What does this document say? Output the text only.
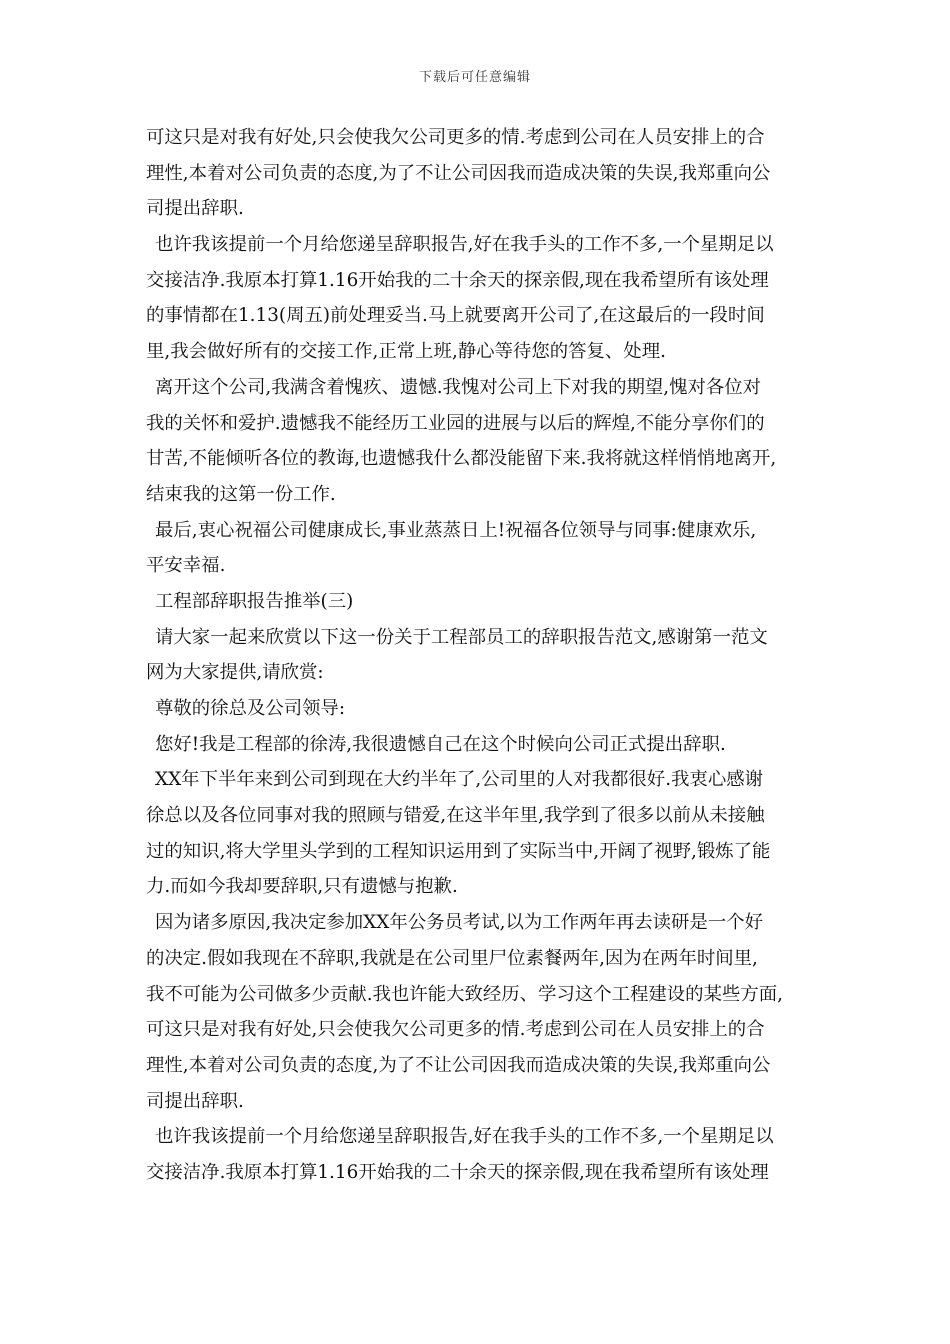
下载后可任意编辑
可这只是对我有好处,只会使我欠公司更多的情.考虑到公司在人员安排上的合
理性,本着对公司负责的态度,为了不让公司因我而造成决策的失误,我郑重向公
司提出辞职.
也许我该提前一个月给您递呈辞职报告,好在我手头的工作不多,一个星期足以
交接洁净.我原本打算1.16开始我的二十余天的探亲假,现在我希望所有该处理
的事情都在1.13(周五)前处理妥当.马上就要离开公司了,在这最后的一段时间
里,我会做好所有的交接工作,正常上班,静心等待您的答复、处理.
离开这个公司,我满含着愧疚、遗憾.我愧对公司上下对我的期望,愧对各位对
我的关怀和爱护.遗憾我不能经历工业园的进展与以后的辉煌,不能分享你们的
甘苦,不能倾听各位的教诲,也遗憾我什么都没能留下来.我将就这样悄悄地离开,
结束我的这第一份工作.
最后,衷心祝福公司健康成长,事业蒸蒸日上!祝福各位领导与同事:健康欢乐,
平安幸福.
工程部辞职报告推举(三)
请大家一起来欣赏以下这一份关于工程部员工的辞职报告范文,感谢第一范文
网为大家提供,请欣赏:
尊敬的徐总及公司领导:
您好!我是工程部的徐涛,我很遗憾自己在这个时候向公司正式提出辞职.
XX年下半年来到公司到现在大约半年了,公司里的人对我都很好.我衷心感谢
徐总以及各位同事对我的照顾与错爱,在这半年里,我学到了很多以前从未接触
过的知识,将大学里头学到的工程知识运用到了实际当中,开阔了视野,锻炼了能
力.而如今我却要辞职,只有遗憾与抱歉.
因为诸多原因,我决定参加XX年公务员考试,以为工作两年再去读研是一个好
的决定.假如我现在不辞职,我就是在公司里尸位素餐两年,因为在两年时间里,
我不可能为公司做多少贡献.我也许能大致经历、学习这个工程建设的某些方面,
可这只是对我有好处,只会使我欠公司更多的情.考虑到公司在人员安排上的合
理性,本着对公司负责的态度,为了不让公司因我而造成决策的失误,我郑重向公
司提出辞职.
也许我该提前一个月给您递呈辞职报告,好在我手头的工作不多,一个星期足以
交接洁净.我原本打算1.16开始我的二十余天的探亲假,现在我希望所有该处理
